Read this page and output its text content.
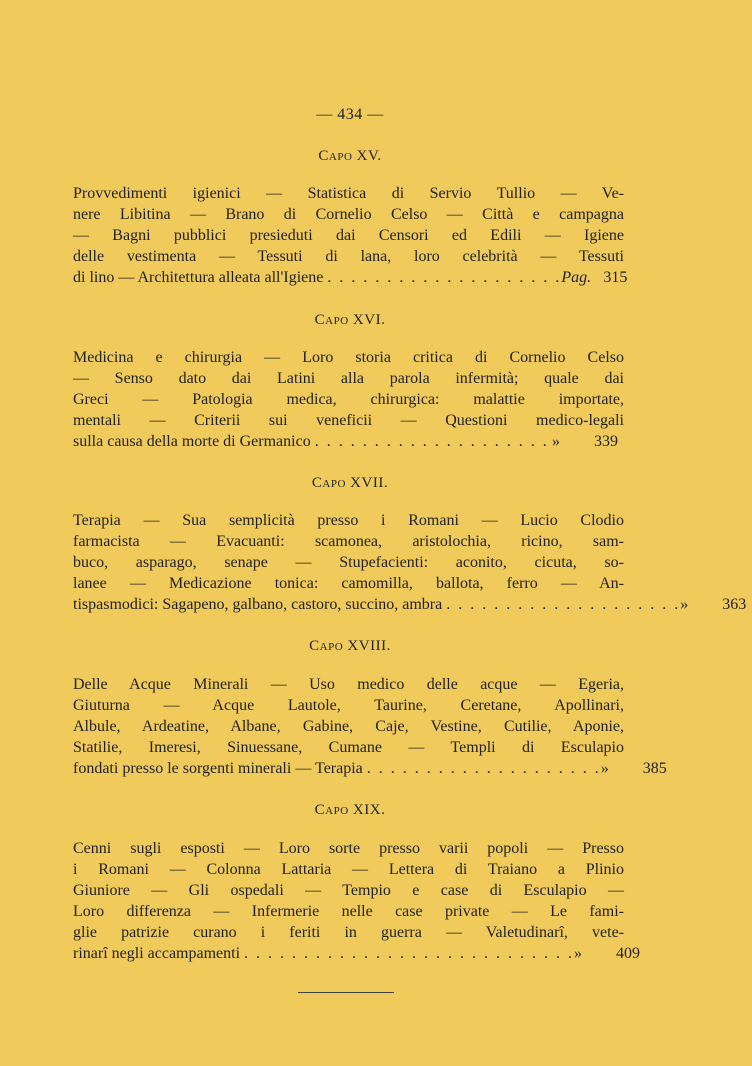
— 434 —
Capo XV.
Provvedimenti igienici — Statistica di Servio Tullio — Ve-
nere Libitina — Brano di Cornelio Celso — Città e campagna
— Bagni pubblici presieduti dai Censori ed Edili — Igiene
delle vestimenta — Tessuti di lana, loro celebrità — Tessuti
di lino — Architettura alleata all'Igiene . . . . . . . . . . . . . . . . . . . . Pag. 315
Capo XVI.
Medicina e chirurgia — Loro storia critica di Cornelio Celso
— Senso dato dai Latini alla parola infermità; quale dai
Greci — Patologia medica, chirurgica: malattie importate,
mentali — Criterii sui veneficii — Questioni medico-legali
sulla causa della morte di Germanico . . . . . . . . . . . . . . . . . . . . »	339
Capo XVII.
Terapia — Sua semplicità presso i Romani — Lucio Clodio
farmacista — Evacuanti: scamonea, aristolochia, ricino, sam-
buco, asparago, senape — Stupefacienti: aconito, cicuta, so-
lanee — Medicazione tonica: camomilla, ballota, ferro — An-
tispasmodici: Sagapeno, galbano, castoro, succino, ambra . . . . . . . . . . . . . . . . . . . . »	363
Capo XVIII.
Delle Acque Minerali — Uso medico delle acque — Egeria,
Giuturna — Acque Lautole, Taurine, Ceretane, Apollinari,
Albule, Ardeatine, Albane, Gabine, Caje, Vestine, Cutilie, Aponie,
Statilie, Imeresi, Sinuessane, Cumane — Templi di Esculapio
fondati presso le sorgenti minerali — Terapia . . . . . . . . . . . . . . . . . . . . »	385
Capo XIX.
Cenni sugli esposti — Loro sorte presso varii popoli — Presso
i Romani — Colonna Lattaria — Lettera di Traiano a Plinio
Giuniore — Gli ospedali — Tempio e case di Esculapio —
Loro differenza — Infermerie nelle case private — Le fami-
glie patrizie curano i feriti in guerra — Valetudinarî, vete-
rinarî negli accampamenti . . . . . . . . . . . . . . . . . . . . . . . . . . . . »	409
